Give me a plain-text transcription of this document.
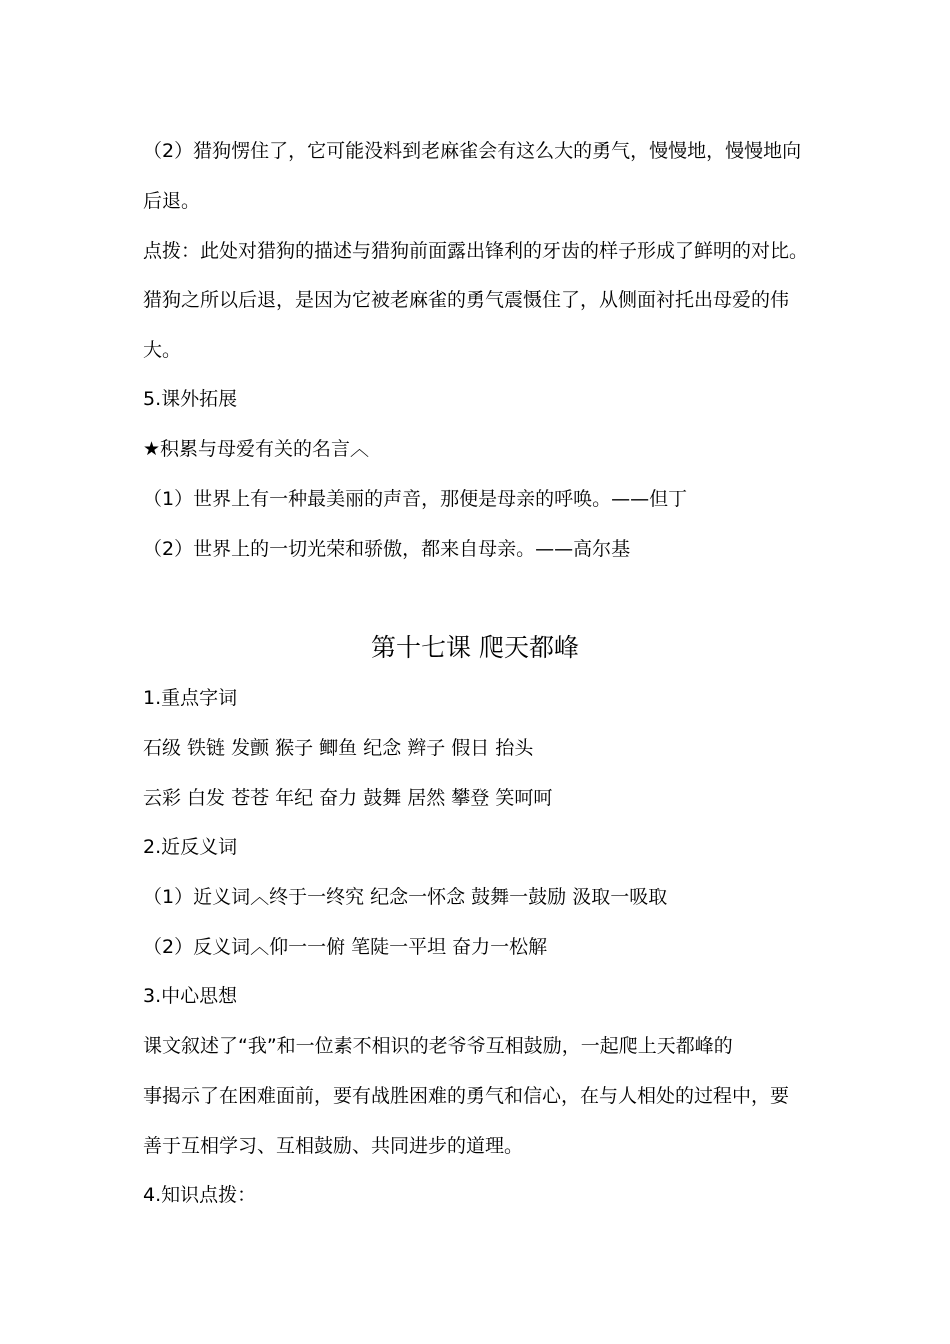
（2）猎狗愣住了，它可能没料到老麻雀会有这么大的勇气，慢慢地，慢慢地向
后退。
点拨：此处对猎狗的描述与猎狗前面露出锋利的牙齿的样子形成了鲜明的对比。
猎狗之所以后退，是因为它被老麻雀的勇气震慑住了，从侧面衬托出母爱的伟
大。
5.课外拓展
★积累与母爱有关的名言︿
（1）世界上有一种最美丽的声音，那便是母亲的呼唤。——但丁
（2）世界上的一切光荣和骄傲，都来自母亲。——高尔基
第十七课 爬天都峰
1.重点字词
石级 铁链 发颤 猴子 鲫鱼 纪念 辫子 假日 抬头
云彩 白发 苍苍 年纪 奋力 鼓舞 居然 攀登 笑呵呵
2.近反义词
（1）近义词︿终于一终究 纪念一怀念 鼓舞一鼓励 汲取一吸取
（2）反义词︿仰一一俯 笔陡一平坦 奋力一松解
3.中心思想
课文叙述了“我”和一位素不相识的老爷爷互相鼓励，一起爬上天都峰的
事揭示了在困难面前，要有战胜困难的勇气和信心，在与人相处的过程中，要
善于互相学习、互相鼓励、共同进步的道理。
4.知识点拨：
